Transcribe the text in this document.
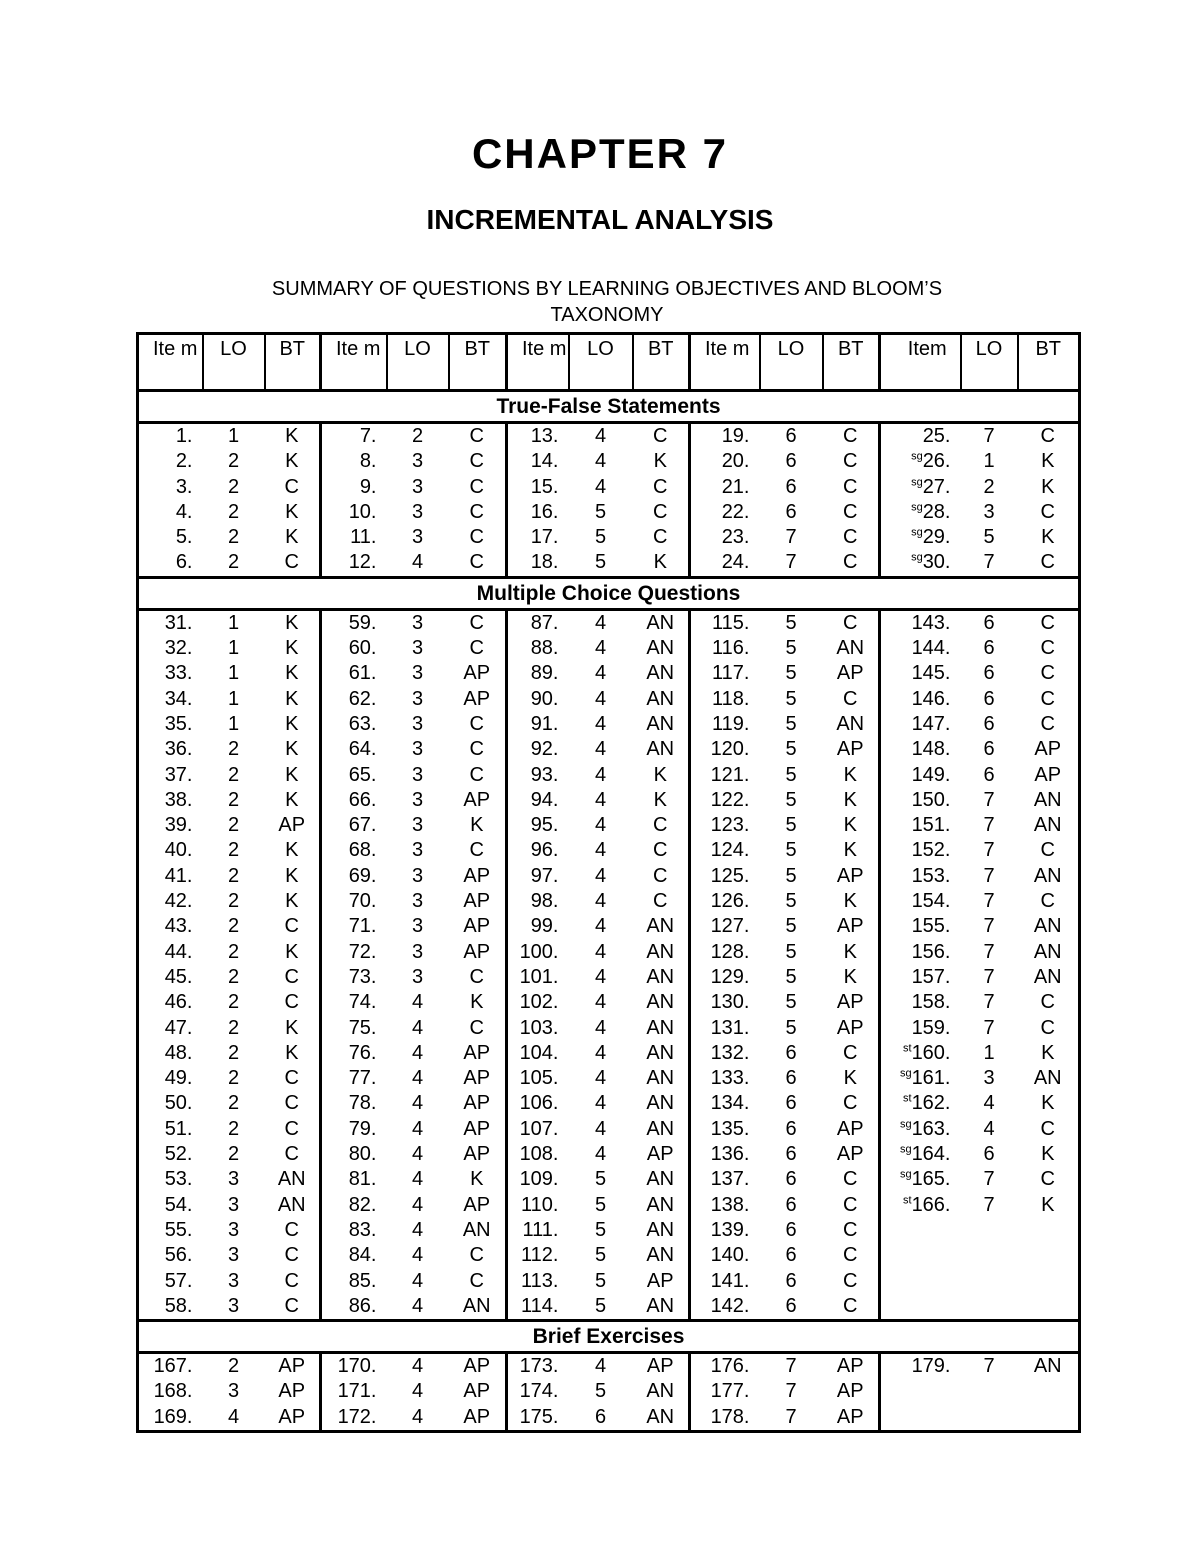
CHAPTER 7
INCREMENTAL ANALYSIS
SUMMARY OF QUESTIONS BY LEARNING OBJECTIVES AND BLOOM’S
TAXONOMY
Ite m	LO	BT	Ite m	LO	BT	Ite m	LO	BT	Ite m	LO	BT	Item	LO	BT
True-False Statements														
1.	1	K	7.	2	C	13.	4	C	19.	6	C	25.	7	C
2.	2	K	8.	3	C	14.	4	K	20.	6	C	$^{sg}$26.	1	K
3.	2	C	9.	3	C	15.	4	C	21.	6	C	$^{sg}$27.	2	K
4.	2	K	10.	3	C	16.	5	C	22.	6	C	$^{sg}$28.	3	C
5.	2	K	11.	3	C	17.	5	C	23.	7	C	$^{sg}$29.	5	K
6.	2	C	12.	4	C	18.	5	K	24.	7	C	$^{sg}$30.	7	C
Multiple Choice Questions														
31.	1	K	59.	3	C	87.	4	AN	115.	5	C	143.	6	C
32.	1	K	60.	3	C	88.	4	AN	116.	5	AN	144.	6	C
33.	1	K	61.	3	AP	89.	4	AN	117.	5	AP	145.	6	C
34.	1	K	62.	3	AP	90.	4	AN	118.	5	C	146.	6	C
35.	1	K	63.	3	C	91.	4	AN	119.	5	AN	147.	6	C
36.	2	K	64.	3	C	92.	4	AN	120.	5	AP	148.	6	AP
37.	2	K	65.	3	C	93.	4	K	121.	5	K	149.	6	AP
38.	2	K	66.	3	AP	94.	4	K	122.	5	K	150.	7	AN
39.	2	AP	67.	3	K	95.	4	C	123.	5	K	151.	7	AN
40.	2	K	68.	3	C	96.	4	C	124.	5	K	152.	7	C
41.	2	K	69.	3	AP	97.	4	C	125.	5	AP	153.	7	AN
42.	2	K	70.	3	AP	98.	4	C	126.	5	K	154.	7	C
43.	2	C	71.	3	AP	99.	4	AN	127.	5	AP	155.	7	AN
44.	2	K	72.	3	AP	100.	4	AN	128.	5	K	156.	7	AN
45.	2	C	73.	3	C	101.	4	AN	129.	5	K	157.	7	AN
46.	2	C	74.	4	K	102.	4	AN	130.	5	AP	158.	7	C
47.	2	K	75.	4	C	103.	4	AN	131.	5	AP	159.	7	C
48.	2	K	76.	4	AP	104.	4	AN	132.	6	C	$^{st}$160.	1	K
49.	2	C	77.	4	AP	105.	4	AN	133.	6	K	$^{sg}$161.	3	AN
50.	2	C	78.	4	AP	106.	4	AN	134.	6	C	$^{st}$162.	4	K
51.	2	C	79.	4	AP	107.	4	AN	135.	6	AP	$^{sg}$163.	4	C
52.	2	C	80.	4	AP	108.	4	AP	136.	6	AP	$^{sg}$164.	6	K
53.	3	AN	81.	4	K	109.	5	AN	137.	6	C	$^{sg}$165.	7	C
54.	3	AN	82.	4	AP	110.	5	AN	138.	6	C	$^{st}$166.	7	K
55.	3	C	83.	4	AN	111.	5	AN	139.	6	C			
56.	3	C	84.	4	C	112.	5	AN	140.	6	C			
57.	3	C	85.	4	C	113.	5	AP	141.	6	C			
58.	3	C	86.	4	AN	114.	5	AN	142.	6	C			
Brief Exercises														
167.	2	AP	170.	4	AP	173.	4	AP	176.	7	AP	179.	7	AN
168.	3	AP	171.	4	AP	174.	5	AN	177.	7	AP			
169.	4	AP	172.	4	AP	175.	6	AN	178.	7	AP			
